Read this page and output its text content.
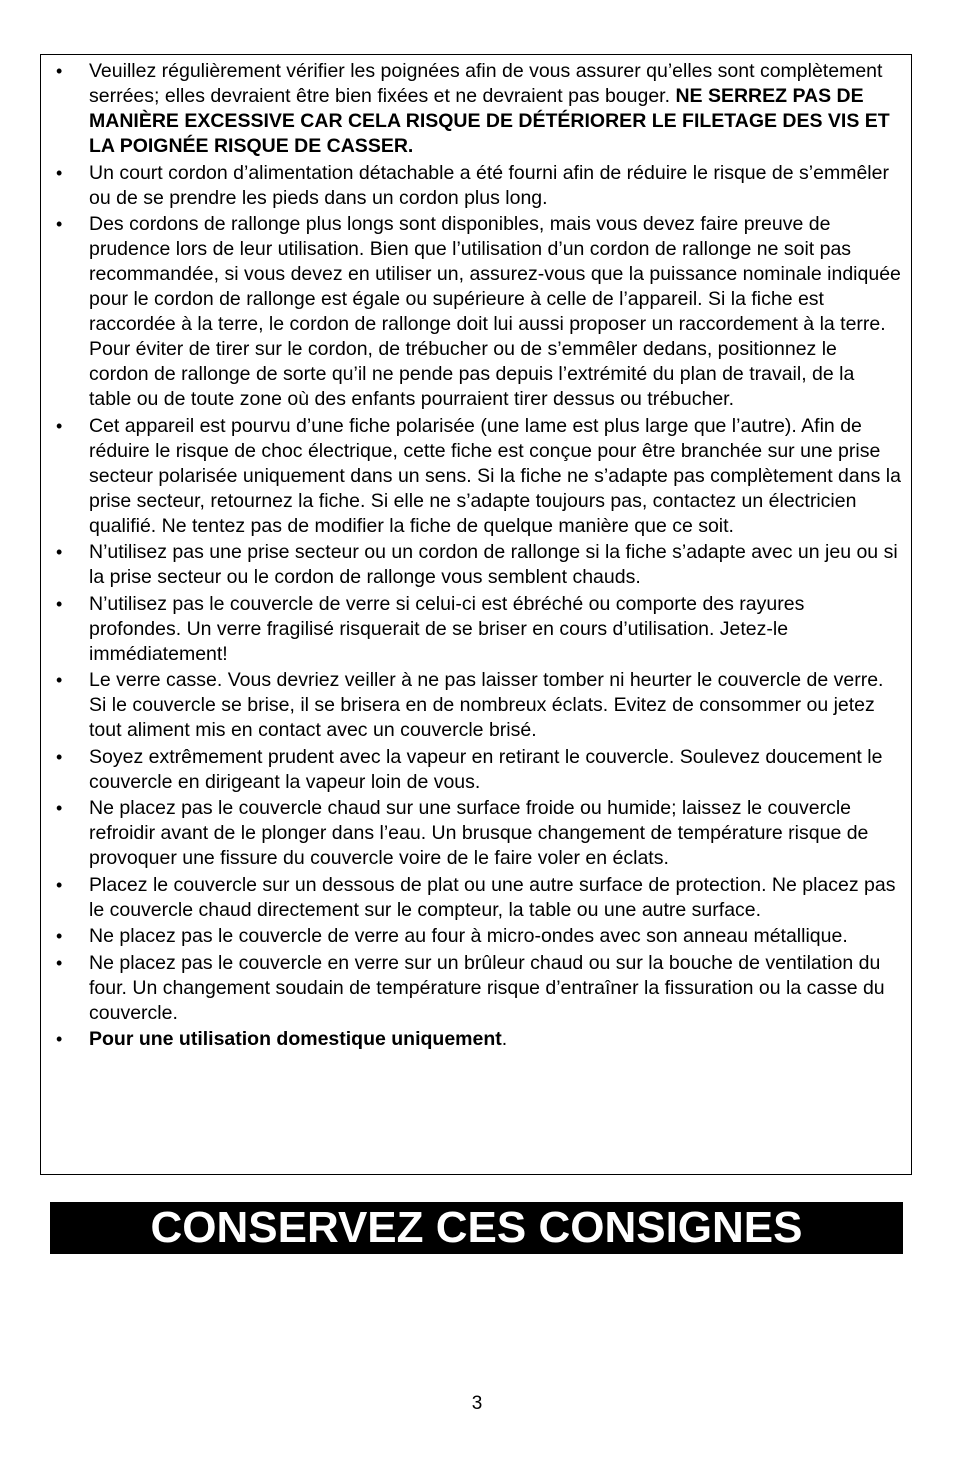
• Veuillez régulièrement vérifier les poignées afin de vous assurer qu’elles sont complètement serrées; elles devraient être bien fixées et ne devraient pas bouger. NE SERREZ PAS DE MANIÈRE EXCESSIVE CAR CELA RISQUE DE DÉTÉRIORER LE FILETAGE DES VIS ET LA POIGNÉE RISQUE DE CASSER.
• Un court cordon d’alimentation détachable a été fourni afin de réduire le risque de s’emmêler ou de se prendre les pieds dans un cordon plus long.
• Des cordons de rallonge plus longs sont disponibles, mais vous devez faire preuve de prudence lors de leur utilisation. Bien que l’utilisation d’un cordon de rallonge ne soit pas recommandée, si vous devez en utiliser un, assurez-vous que la puissance nominale indiquée pour le cordon de rallonge est égale ou supérieure à celle de l’appareil. Si la fiche est raccordée à la terre, le cordon de rallonge doit lui aussi proposer un raccordement à la terre. Pour éviter de tirer sur le cordon, de trébucher ou de s’emmêler dedans, positionnez le cordon de rallonge de sorte qu’il ne pende pas depuis l’extrémité du plan de travail, de la table ou de toute zone où des enfants pourraient tirer dessus ou trébucher.
• Cet appareil est pourvu d’une fiche polarisée (une lame est plus large que l’autre). Afin de réduire le risque de choc électrique, cette fiche est conçue pour être branchée sur une prise secteur polarisée uniquement dans un sens. Si la fiche ne s’adapte pas complètement dans la prise secteur, retournez la fiche. Si elle ne s’adapte toujours pas, contactez un électricien qualifié. Ne tentez pas de modifier la fiche de quelque manière que ce soit.
• N’utilisez pas une prise secteur ou un cordon de rallonge si la fiche s’adapte avec un jeu ou si la prise secteur ou le cordon de rallonge vous semblent chauds.
• N’utilisez pas le couvercle de verre si celui-ci est ébréché ou comporte des rayures profondes. Un verre fragilisé risquerait de se briser en cours d’utilisation. Jetez-le immédiatement!
• Le verre casse. Vous devriez veiller à ne pas laisser tomber ni heurter le couvercle de verre. Si le couvercle se brise, il se brisera en de nombreux éclats. Evitez de consommer ou jetez tout aliment mis en contact avec un couvercle brisé.
• Soyez extrêmement prudent avec la vapeur en retirant le couvercle. Soulevez doucement le couvercle en dirigeant la vapeur loin de vous.
• Ne placez pas le couvercle chaud sur une surface froide ou humide; laissez le couvercle refroidir avant de le plonger dans l’eau. Un brusque changement de température risque de provoquer une fissure du couvercle voire de le faire voler en éclats.
• Placez le couvercle sur un dessous de plat ou une autre surface de protection. Ne placez pas le couvercle chaud directement sur le compteur, la table ou une autre surface.
• Ne placez pas le couvercle de verre au four à micro-ondes avec son anneau métallique.
• Ne placez pas le couvercle en verre sur un brûleur chaud ou sur la bouche de ventilation du four. Un changement soudain de température risque d’entraîner la fissuration ou la casse du couvercle.
• Pour une utilisation domestique uniquement.
CONSERVEZ CES CONSIGNES
3
